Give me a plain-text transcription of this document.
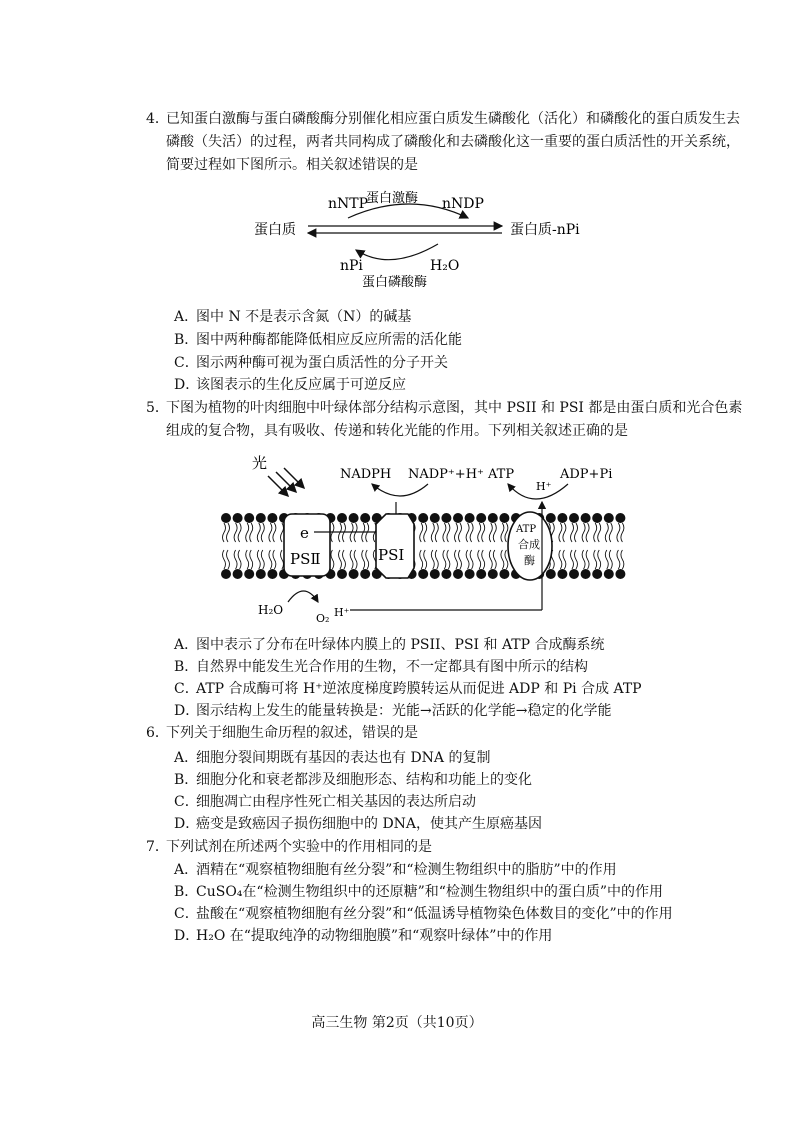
4．
已知蛋白激酶与蛋白磷酸酶分别催化相应蛋白质发生磷酸化（活化）和磷酸化的蛋白质发生去磷酸（失活）的过程，两者共同构成了磷酸化和去磷酸化这一重要的蛋白质活性的开关系统，简要过程如下图所示。相关叙述错误的是
nNTP
蛋白激酶 nNDP
蛋白质	蛋白质-nPi
nPi	H₂O
蛋白磷酸酶
A．图中 N 不是表示含氮（N）的碱基
B．图中两种酶都能降低相应反应所需的活化能
C．图示两种酶可视为蛋白质活性的分子开关
D．该图表示的生化反应属于可逆反应
5．
下图为植物的叶肉细胞中叶绿体部分结构示意图，其中 PSII 和 PSI 都是由蛋白质和光合色素组成的复合物，具有吸收、传递和转化光能的作用。下列相关叙述正确的是
光
e
PSⅡ	PSⅠ
NADPH NADP⁺+H⁺
ATP
合成
酶
ATP	ADP+Pi
H⁺
H₂O
O₂ H⁺
A．图中表示了分布在叶绿体内膜上的 PSII、PSI 和 ATP 合成酶系统
B．自然界中能发生光合作用的生物，不一定都具有图中所示的结构
C．ATP 合成酶可将 H⁺逆浓度梯度跨膜转运从而促进 ADP 和 Pi 合成 ATP
D．图示结构上发生的能量转换是：光能→活跃的化学能→稳定的化学能
6．
下列关于细胞生命历程的叙述，错误的是
A．细胞分裂间期既有基因的表达也有 DNA 的复制
B．细胞分化和衰老都涉及细胞形态、结构和功能上的变化
C．细胞凋亡由程序性死亡相关基因的表达所启动
D．癌变是致癌因子损伤细胞中的 DNA，使其产生原癌基因
7．
下列试剂在所述两个实验中的作用相同的是
A．酒精在“观察植物细胞有丝分裂”和“检测生物组织中的脂肪”中的作用
B．CuSO₄在“检测生物组织中的还原糖”和“检测生物组织中的蛋白质”中的作用
C．盐酸在“观察植物细胞有丝分裂”和“低温诱导植物染色体数目的变化”中的作用
D．H₂O 在“提取纯净的动物细胞膜”和“观察叶绿体”中的作用
高三生物 第2页（共10页）
